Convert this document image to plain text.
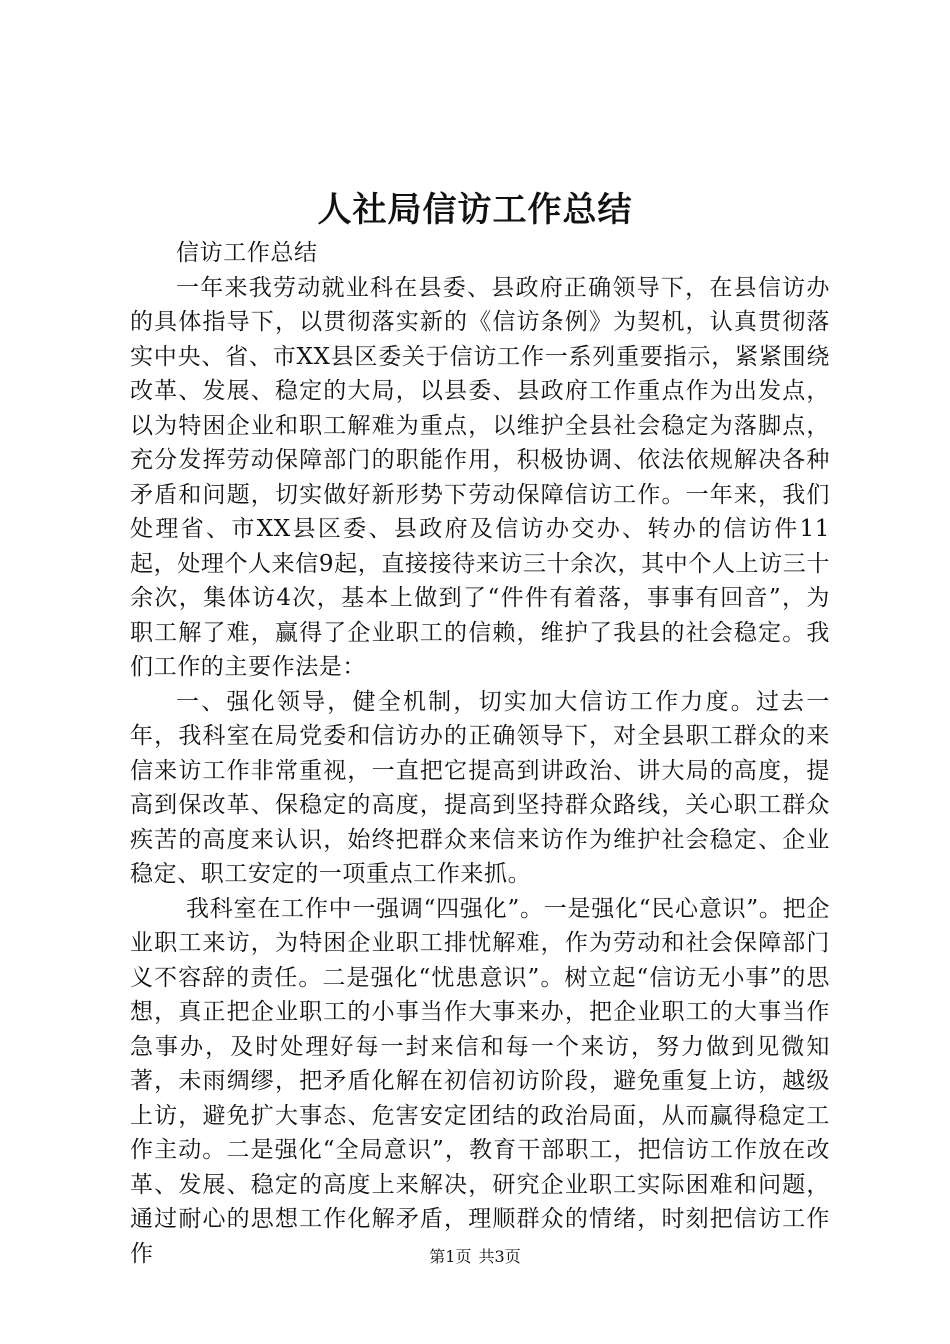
人社局信访工作总结

信访工作总结

一年来我劳动就业科在县委、县政府正确领导下，在县信访办的具体指导下，以贯彻落实新的《信访条例》为契机，认真贯彻落实中央、省、市XX县区委关于信访工作一系列重要指示，紧紧围绕改革、发展、稳定的大局，以县委、县政府工作重点作为出发点，以为特困企业和职工解难为重点，以维护全县社会稳定为落脚点，充分发挥劳动保障部门的职能作用，积极协调、依法依规解决各种矛盾和问题，切实做好新形势下劳动保障信访工作。一年来，我们处理省、市XX县区委、县政府及信访办交办、转办的信访件11起，处理个人来信9起，直接接待来访三十余次，其中个人上访三十余次，集体访4次，基本上做到了“件件有着落，事事有回音”，为职工解了难，赢得了企业职工的信赖，维护了我县的社会稳定。我们工作的主要作法是：

一、强化领导，健全机制，切实加大信访工作力度。过去一年，我科室在局党委和信访办的正确领导下，对全县职工群众的来信来访工作非常重视，一直把它提高到讲政治、讲大局的高度，提高到保改革、保稳定的高度，提高到坚持群众路线，关心职工群众疾苦的高度来认识，始终把群众来信来访作为维护社会稳定、企业稳定、职工安定的一项重点工作来抓。

我科室在工作中一强调“四强化”。一是强化“民心意识”。把企业职工来访，为特困企业职工排忧解难，作为劳动和社会保障部门义不容辞的责任。二是强化“忧患意识”。树立起“信访无小事”的思想，真正把企业职工的小事当作大事来办，把企业职工的大事当作急事办，及时处理好每一封来信和每一个来访，努力做到见微知著，未雨绸缪，把矛盾化解在初信初访阶段，避免重复上访，越级上访，避免扩大事态、危害安定团结的政治局面，从而赢得稳定工作主动。二是强化“全局意识”，教育干部职工，把信访工作放在改革、发展、稳定的高度上来解决，研究企业职工实际困难和问题，通过耐心的思想工作化解矛盾，理顺群众的情绪，时刻把信访工作作	第1页 共3页
